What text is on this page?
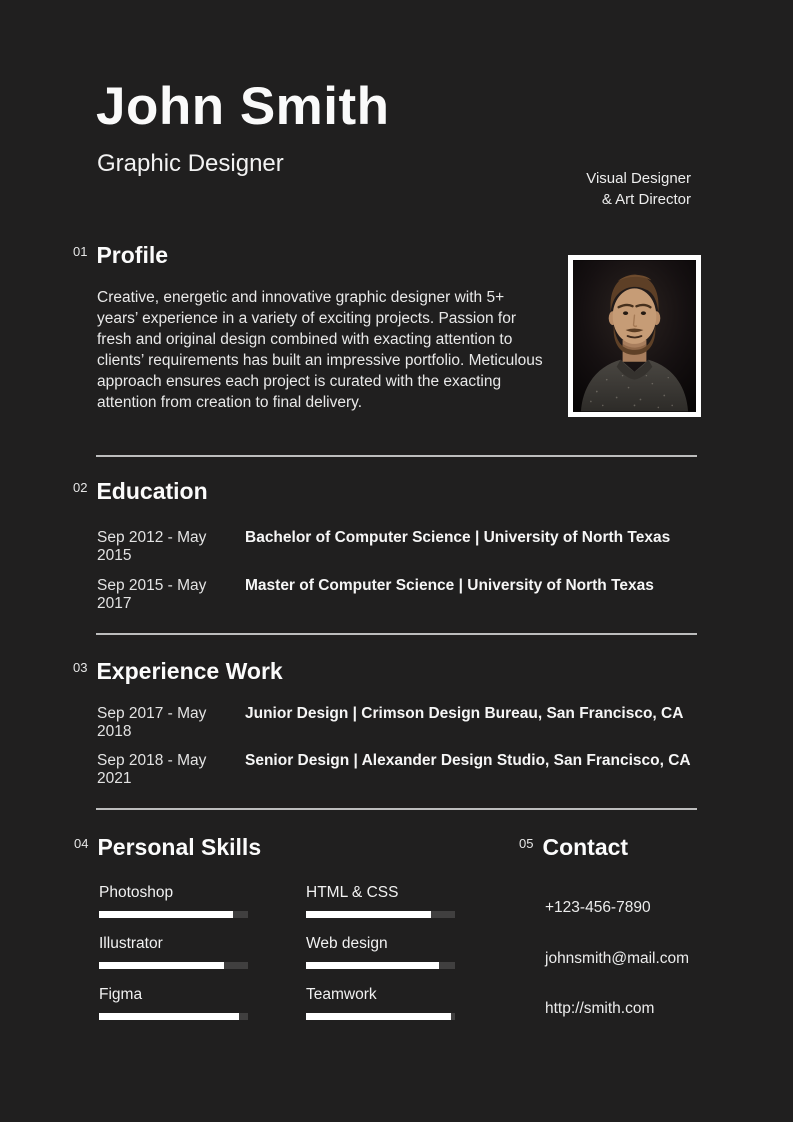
John Smith
Graphic Designer
Visual Designer
& Art Director
01 Profile

Creative, energetic and innovative graphic designer with 5+ years’ experience in a variety of exciting projects. Passion for fresh and original design combined with exacting attention to clients’ requirements has built an impressive portfolio. Meticulous approach ensures each project is curated with the exacting attention from creation to final delivery.

02 Education
Sep 2012 - May 2015
Bachelor of Computer Science | University of North Texas
Sep 2015 - May 2017
Master of Computer Science | University of North Texas
03 Experience Work
Sep 2017 - May 2018
Junior Design | Crimson Design Bureau, San Francisco, CA
Sep 2018 - May 2021
Senior Design | Alexander Design Studio, San Francisco, CA
04 Personal Skills
Photoshop
Illustrator
Figma
HTML & CSS
Web design
Teamwork
05 Contact
+123-456-7890
johnsmith@mail.com
http://smith.com
